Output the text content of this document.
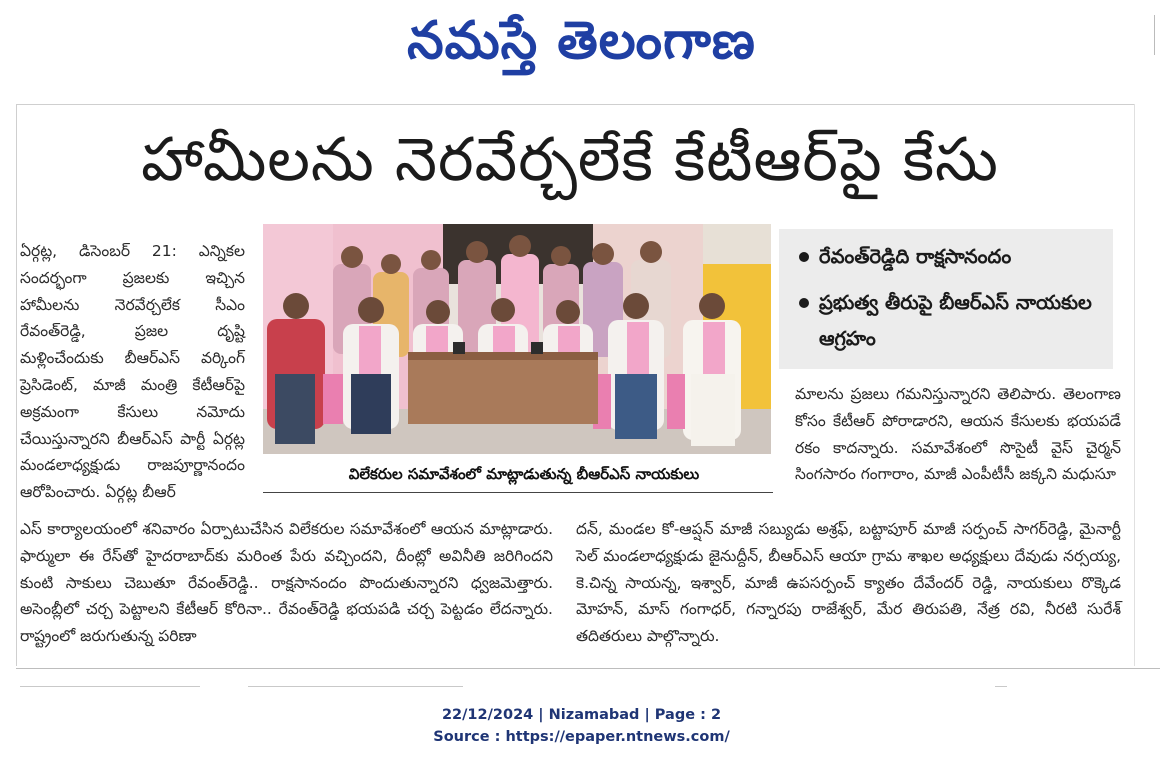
నమస్తే తెలంగాణ
హామీలను నెరవేర్చలేకే కేటీఆర్‌పై కేసు

ఏర్గట్ల, డిసెంబర్ 21: ఎన్నికల సందర్భంగా ప్రజలకు ఇచ్చిన హామీలను నెరవేర్చలేక సీఎం రేవంత్‌రెడ్డి, ప్రజల దృష్టి మళ్లించేందుకు బీఆర్‌ఎస్ వర్కింగ్ ప్రెసిడెంట్, మాజీ మంత్రి కేటీఆర్‌పై అక్రమంగా కేసులు నమోదు చేయిస్తున్నారని బీఆర్‌ఎస్ పార్టీ ఏర్గట్ల మండలాధ్యక్షుడు రాజపూర్ణానందం ఆరోపించారు. ఏర్గట్ల బీఆర్

విలేకరుల సమావేశంలో మాట్లాడుతున్న బీఆర్‌ఎస్ నాయకులు
రేవంత్‌రెడ్డిది రాక్షసానందం
ప్రభుత్వ తీరుపై బీఆర్‌ఎస్ నాయకుల ఆగ్రహం

మాలను ప్రజలు గమనిస్తున్నారని తెలిపారు. తెలంగాణ కోసం కేటీఆర్ పోరాడారని, ఆయన కేసులకు భయపడే రకం కాదన్నారు. సమావేశంలో సొసైటీ వైస్ చైర్మన్ సింగసారం గంగారాం, మాజీ ఎంపీటీసీ జక్కని మధుసూ

ఎస్ కార్యాలయంలో శనివారం ఏర్పాటుచేసిన విలేకరుల సమావేశంలో ఆయన మాట్లాడారు. ఫార్ములా ఈ రేస్‌తో హైదరాబాద్‌కు మరింత పేరు వచ్చిందని, దీంట్లో అవినీతి జరిగిందని కుంటి సాకులు చెబుతూ రేవంత్‌రెడ్డి.. రాక్షసానందం పొందుతున్నారని ధ్వజమెత్తారు. అసెంబ్లీలో చర్చ పెట్టాలని కేటీఆర్ కోరినా.. రేవంత్‌రెడ్డి భయపడి చర్చ పెట్టడం లేదన్నారు. రాష్ట్రంలో జరుగుతున్న పరిణా

దన్, మండల కో-ఆప్షన్ మాజీ సబ్యుడు అశ్రఫ్, బట్టాపూర్ మాజీ సర్పంచ్ సాగర్‌రెడ్డి, మైనార్టీ సెల్ మండలాధ్యక్షుడు జైనుద్దీన్, బీఆర్‌ఎస్ ఆయా గ్రామ శాఖల అధ్యక్షులు దేవుడు నర్సయ్య, కె.చిన్న సాయన్న, ఇశ్వార్, మాజీ ఉపసర్పంచ్ క్యాతం దేవేందర్ రెడ్డి, నాయకులు రొక్కెడ మోహన్, మాస్ గంగాధర్, గన్నారపు రాజేశ్వర్, మేర తిరుపతి, నేత్ర రవి, నీరటి సురేశ్ తదితరులు పాల్గొన్నారు.

22/12/2024 | Nizamabad | Page : 2
Source : https://epaper.ntnews.com/
